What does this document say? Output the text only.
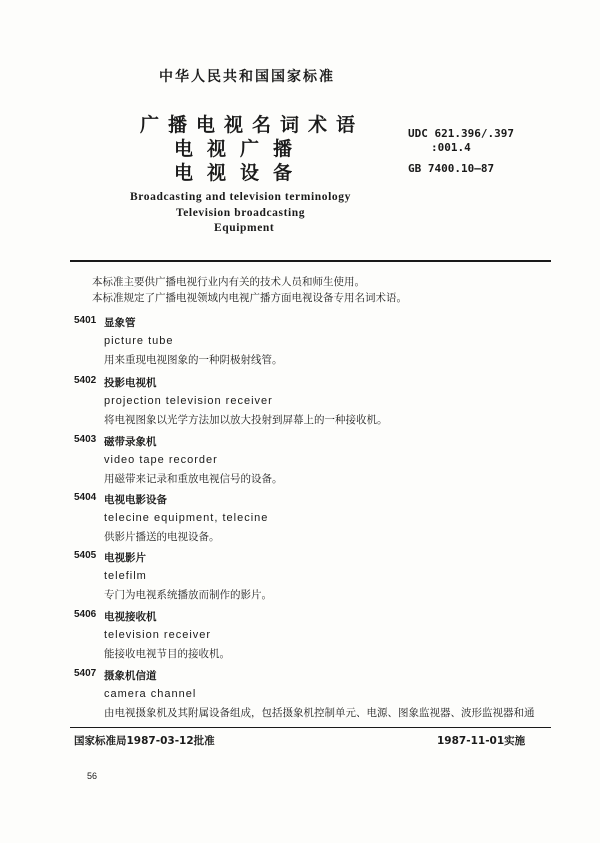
中华人民共和国国家标准
广播电视名词术语
电视广播
电视设备
UDC 621.396/.397
:001.4
GB 7400.10—87
Broadcasting and television terminology
Television broadcasting
Equipment
本标准主要供广播电视行业内有关的技术人员和师生使用。
本标准规定了广播电视领域内电视广播方面电视设备专用名词术语。
5401 显象管
picture tube
用来重现电视图象的一种阴极射线管。
5402 投影电视机
projection television receiver
将电视图象以光学方法加以放大投射到屏幕上的一种接收机。
5403 磁带录象机
video tape recorder
用磁带来记录和重放电视信号的设备。
5404 电视电影设备
telecine equipment, telecine
供影片播送的电视设备。
5405 电视影片
telefilm
专门为电视系统播放而制作的影片。
5406 电视接收机
television receiver
能接收电视节目的接收机。
5407 摄象机信道
camera channel
由电视摄象机及其附属设备组成，包括摄象机控制单元、电源、图象监视器、波形监视器和通
国家标准局1987-03-12批准	1987-11-01实施
56
